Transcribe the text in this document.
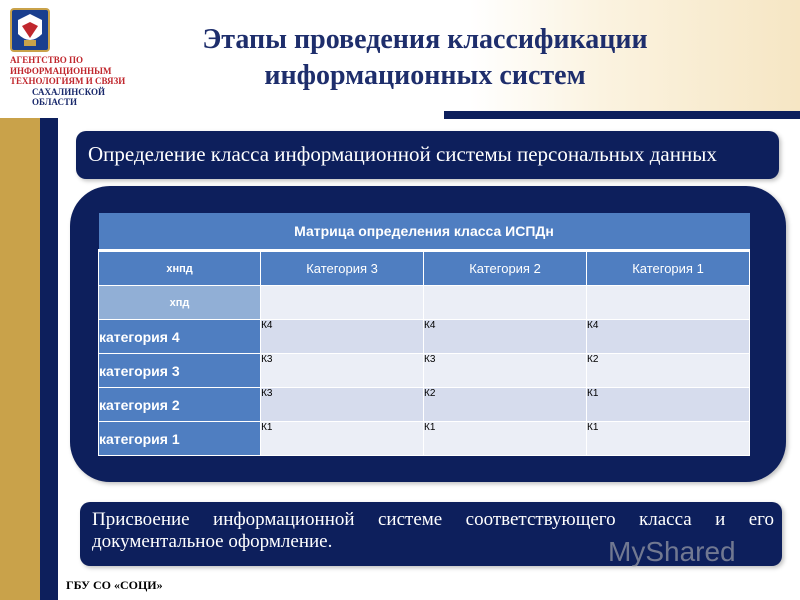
АГЕНТСТВО ПО
ИНФОРМАЦИОННЫМ
ТЕХНОЛОГИЯМ И СВЯЗИ
САХАЛИНСКОЙ
ОБЛАСТИ
Этапы проведения классификации
информационных систем
Определение класса информационной системы персональных данных
Матрица определения класса ИСПДн			
хнпд	Категория 3	Категория 2	Категория 1
хпд			
категория 4	К4	К4	К4
категория 3	К3	К3	К2
категория 2	К3	К2	К1
категория 1	К1	К1	К1
Присвоение информационной системе соответствующего класса и его документальное оформление.	MyShared
ГБУ СО «СОЦИ»
